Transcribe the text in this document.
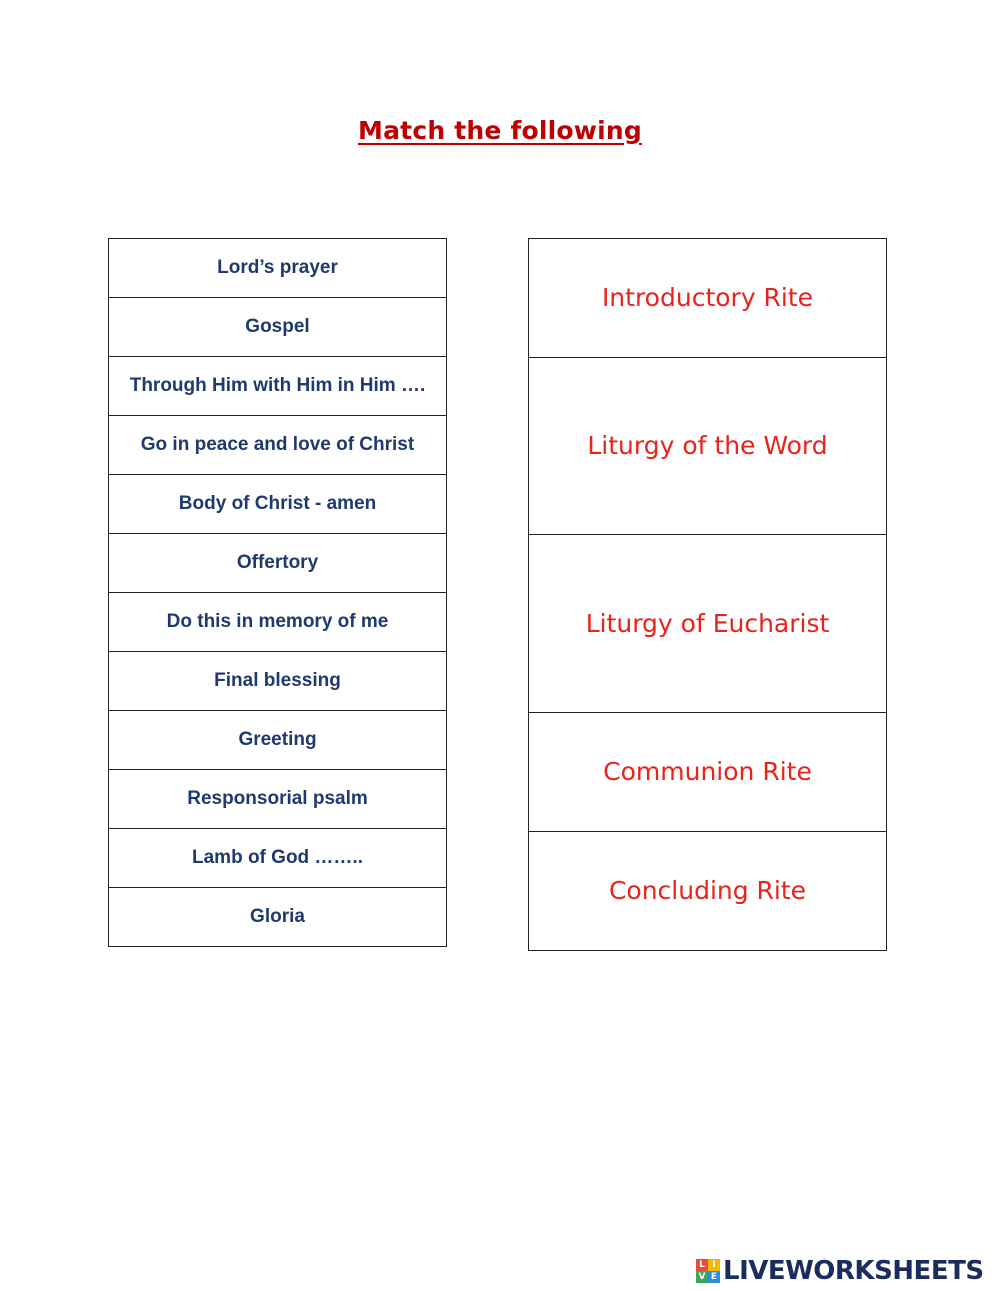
Match the following
Lord’s prayer
Gospel
Through Him with Him in Him ….
Go in peace and love of Christ
Body of Christ - amen
Offertory
Do this in memory of me
Final blessing
Greeting
Responsorial psalm
Lamb of God ……..
Gloria
Introductory Rite
Liturgy of the Word
Liturgy of Eucharist
Communion Rite
Concluding Rite
L I
V E LIVEWORKSHEETS
